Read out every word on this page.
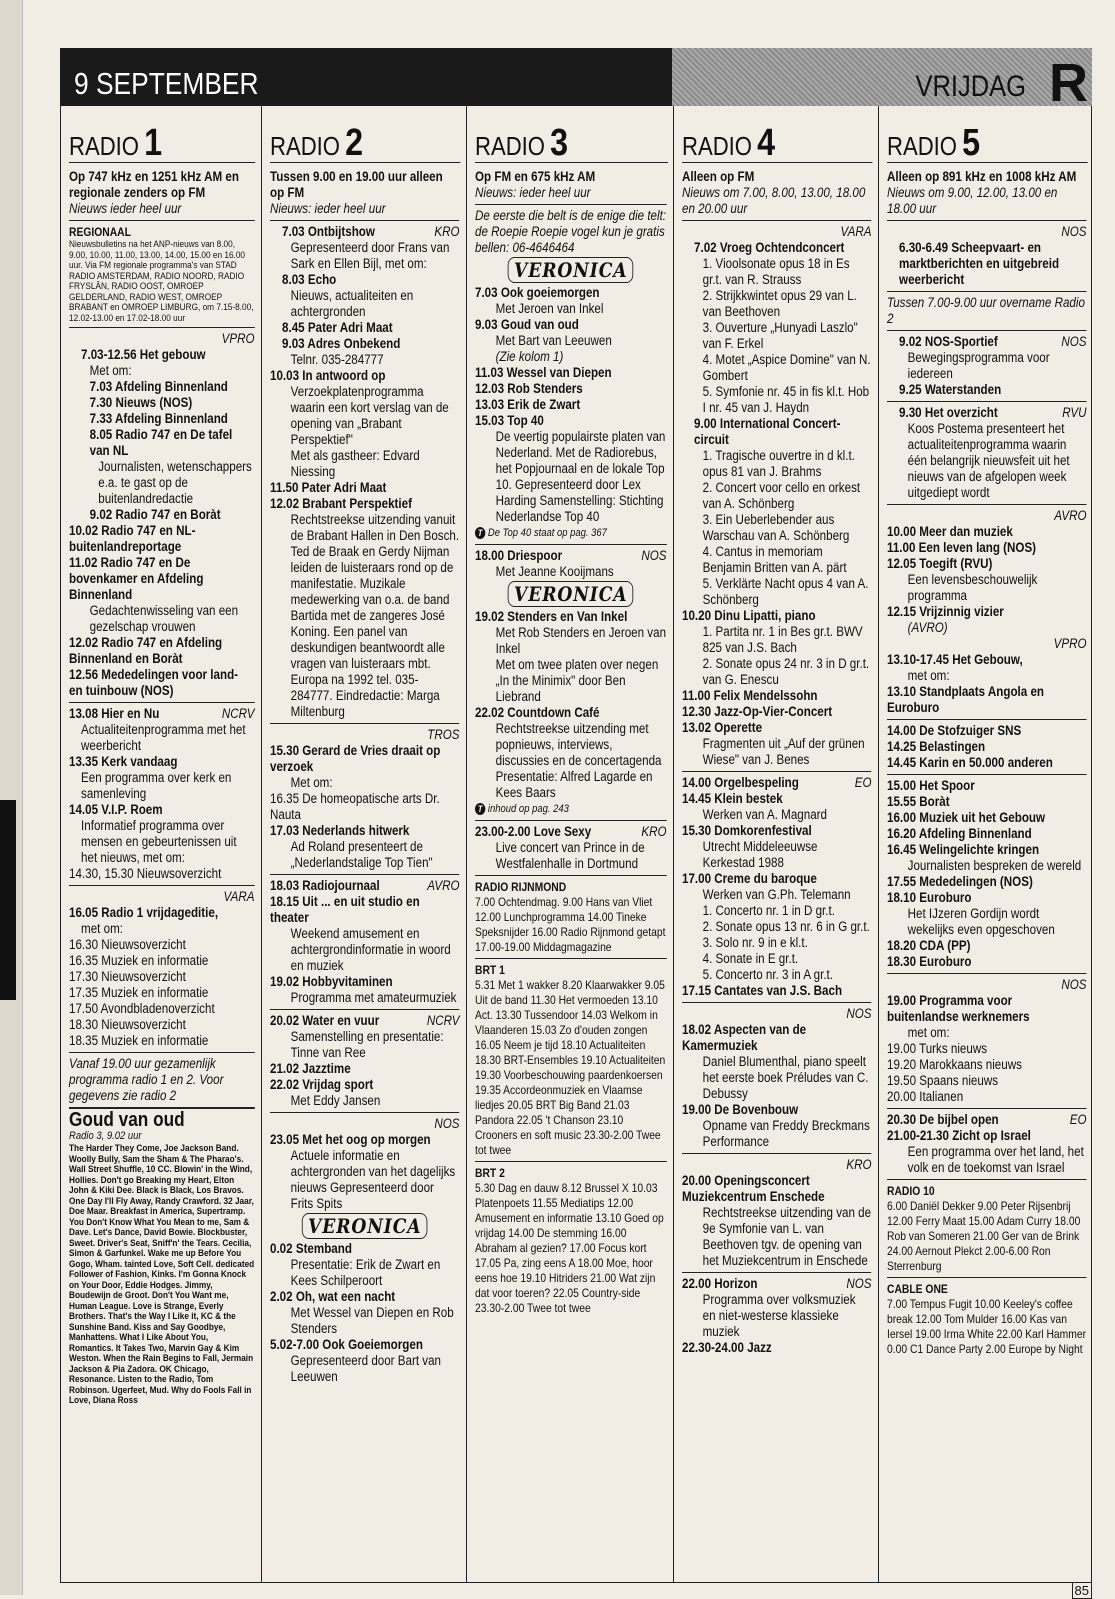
9 SEPTEMBER	VRIJDAG R
RADIO 1
Op 747 kHz en 1251 kHz AM en regionale zenders op FM
Nieuws ieder heel uur
REGIONAAL
Nieuwsbulletins na het ANP-nieuws van 8.00, 9.00, 10.00, 11.00, 13.00, 14.00, 15.00 en 16.00 uur. Via FM regionale programma's van STAD RADIO AMSTERDAM, RADIO NOORD, RADIO FRYSLÂN, RADIO OOST, OMROEP GELDERLAND, RADIO WEST, OMROEP BRABANT en OMROEP LIMBURG, om 7.15-8.00, 12.02-13.00 en 17.02-18.00 uur
VPRO
7.03-12.56 Het gebouw
Met om:
7.03 Afdeling Binnenland
7.30 Nieuws (NOS)
7.33 Afdeling Binnenland
8.05 Radio 747 en De tafel van NL
Journalisten, wetenschappers e.a. te gast op de buitenlandredactie
9.02 Radio 747 en Boràt
10.02 Radio 747 en NL-buitenlandreportage
11.02 Radio 747 en De bovenkamer en Afdeling Binnenland
Gedachtenwisseling van een gezelschap vrouwen
12.02 Radio 747 en Afdeling Binnenland en Boràt
12.56 Mededelingen voor land- en tuinbouw (NOS)
13.08 Hier en Nu	NCRV
Actualiteitenprogramma met het weerbericht
13.35 Kerk vandaag
Een programma over kerk en samenleving
14.05 V.I.P. Roem
Informatief programma over mensen en gebeurtenissen uit het nieuws, met om:
14.30, 15.30 Nieuwsoverzicht
VARA
16.05 Radio 1 vrijdageditie,
met om:
16.30 Nieuwsoverzicht
16.35 Muziek en informatie
17.30 Nieuwsoverzicht
17.35 Muziek en informatie
17.50 Avondbladenoverzicht
18.30 Nieuwsoverzicht
18.35 Muziek en informatie
Vanaf 19.00 uur gezamenlijk programma radio 1 en 2. Voor gegevens zie radio 2
Goud van oud
Radio 3, 9.02 uur
The Harder They Come, Joe Jackson Band. Woolly Bully, Sam the Sham & The Pharao's. Wall Street Shuffle, 10 CC. Blowin' in the Wind, Hollies. Don't go Breaking my Heart, Elton John & Kiki Dee. Black is Black, Los Bravos. One Day I'll Fly Away, Randy Crawford. 32 Jaar, Doe Maar. Breakfast in America, Supertramp. You Don't Know What You Mean to me, Sam & Dave. Let's Dance, David Bowie. Blockbuster, Sweet. Driver's Seat, Sniff'n' the Tears. Cecilia, Simon & Garfunkel. Wake me up Before You Gogo, Wham. tainted Love, Soft Cell. dedicated Follower of Fashion, Kinks. I'm Gonna Knock on Your Door, Eddie Hodges. Jimmy, Boudewijn de Groot. Don't You Want me, Human League. Love is Strange, Everly Brothers. That's the Way I Like it, KC & the Sunshine Band. Kiss and Say Goodbye, Manhattens. What I Like About You, Romantics. It Takes Two, Marvin Gay & Kim Weston. When the Rain Begins to Fall, Jermain Jackson & Pia Zadora. OK Chicago, Resonance. Listen to the Radio, Tom Robinson. Ugerfeet, Mud. Why do Fools Fall in Love, Diana Ross
RADIO 2
Tussen 9.00 en 19.00 uur alleen op FM
Nieuws: ieder heel uur
7.03 Ontbijtshow	KRO
Gepresenteerd door Frans van Sark en Ellen Bijl, met om:
8.03 Echo
Nieuws, actualiteiten en achtergronden
8.45 Pater Adri Maat
9.03 Adres Onbekend
Telnr. 035-284777
10.03 In antwoord op
Verzoekplatenprogramma waarin een kort verslag van de opening van „Brabant Perspektief"
Met als gastheer: Edvard Niessing
11.50 Pater Adri Maat
12.02 Brabant Perspektief
Rechtstreekse uitzending vanuit de Brabant Hallen in Den Bosch. Ted de Braak en Gerdy Nijman leiden de luisteraars rond op de manifestatie. Muzikale medewerking van o.a. de band Bartida met de zangeres José Koning. Een panel van deskundigen beantwoordt alle vragen van luisteraars mbt. Europa na 1992 tel. 035-284777. Eindredactie: Marga Miltenburg
TROS
15.30 Gerard de Vries draait op verzoek
Met om:
16.35 De homeopatische arts Dr. Nauta
17.03 Nederlands hitwerk
Ad Roland presenteert de „Nederlandstalige Top Tien"
18.03 Radiojournaal	AVRO
18.15 Uit ... en uit studio en theater
Weekend amusement en achtergrondinformatie in woord en muziek
19.02 Hobbyvitaminen
Programma met amateurmuziek
20.02 Water en vuur	NCRV
Samenstelling en presentatie: Tinne van Ree
21.02 Jazztime
22.02 Vrijdag sport
Met Eddy Jansen
NOS
23.05 Met het oog op morgen
Actuele informatie en achtergronden van het dagelijks nieuws Gepresenteerd door Frits Spits
VERONICA
0.02 Stemband
Presentatie: Erik de Zwart en Kees Schilperoort
2.02 Oh, wat een nacht
Met Wessel van Diepen en Rob Stenders
5.02-7.00 Ook Goeiemorgen
Gepresenteerd door Bart van Leeuwen
RADIO 3
Op FM en 675 kHz AM
Nieuws: ieder heel uur
De eerste die belt is de enige die telt: de Roepie Roepie vogel kun je gratis bellen: 06-4646464
VERONICA
7.03 Ook goeiemorgen
Met Jeroen van Inkel
9.03 Goud van oud
Met Bart van Leeuwen
(Zie kolom 1)
11.03 Wessel van Diepen
12.03 Rob Stenders
13.03 Erik de Zwart
15.03 Top 40
De veertig populairste platen van Nederland. Met de Radiorebus, het Popjournaal en de lokale Top 10. Gepresenteerd door Lex Harding Samenstelling: Stichting Nederlandse Top 40
T De Top 40 staat op pag. 367
18.00 Driespoor	NOS
Met Jeanne Kooijmans
VERONICA
19.02 Stenders en Van Inkel
Met Rob Stenders en Jeroen van Inkel
Met om twee platen over negen „In the Minimix" door Ben Liebrand
22.02 Countdown Café
Rechtstreekse uitzending met popnieuws, interviews, discussies en de concertagenda Presentatie: Alfred Lagarde en Kees Baars
T inhoud op pag. 243
23.00-2.00 Love Sexy	KRO
Live concert van Prince in de Westfalenhalle in Dortmund
RADIO RIJNMOND
7.00 Ochtendmag. 9.00 Hans van Vliet 12.00 Lunchprogramma 14.00 Tineke Speksnijder 16.00 Radio Rijnmond getapt 17.00-19.00 Middagmagazine
BRT 1
5.31 Met 1 wakker 8.20 Klaarwakker 9.05 Uit de band 11.30 Het vermoeden 13.10 Act. 13.30 Tussendoor 14.03 Welkom in Vlaanderen 15.03 Zo d'ouden zongen 16.05 Neem je tijd 18.10 Actualiteiten 18.30 BRT-Ensembles 19.10 Actualiteiten 19.30 Voorbeschouwing paardenkoersen 19.35 Accordeonmuziek en Vlaamse liedjes 20.05 BRT Big Band 21.03 Pandora 22.05 't Chanson 23.10 Crooners en soft music 23.30-2.00 Twee tot twee
BRT 2
5.30 Dag en dauw 8.12 Brussel X 10.03 Platenpoets 11.55 Mediatips 12.00 Amusement en informatie 13.10 Goed op vrijdag 14.00 De stemming 16.00 Abraham al gezien? 17.00 Focus kort 17.05 Pa, zing eens A 18.00 Moe, hoor eens hoe 19.10 Hitriders 21.00 Wat zijn dat voor toeren? 22.05 Country-side 23.30-2.00 Twee tot twee
RADIO 4
Alleen op FM
Nieuws om 7.00, 8.00, 13.00, 18.00 en 20.00 uur
VARA
7.02 Vroeg Ochtendconcert
1. Vioolsonate opus 18 in Es gr.t. van R. Strauss
2. Strijkkwintet opus 29 van L. van Beethoven
3. Ouverture „Hunyadi Laszlo" van F. Erkel
4. Motet „Aspice Domine" van N. Gombert
5. Symfonie nr. 45 in fis kl.t. Hob I nr. 45 van J. Haydn
9.00 International Concert-circuit
1. Tragische ouvertre in d kl.t. opus 81 van J. Brahms
2. Concert voor cello en orkest van A. Schönberg
3. Ein Ueberlebender aus Warschau van A. Schönberg
4. Cantus in memoriam Benjamin Britten van A. pärt
5. Verklärte Nacht opus 4 van A. Schönberg
10.20 Dinu Lipatti, piano
1. Partita nr. 1 in Bes gr.t. BWV 825 van J.S. Bach
2. Sonate opus 24 nr. 3 in D gr.t. van G. Enescu
11.00 Felix Mendelssohn
12.30 Jazz-Op-Vier-Concert
13.02 Operette
Fragmenten uit „Auf der grünen Wiese" van J. Benes
14.00 Orgelbespeling	EO
14.45 Klein bestek
Werken van A. Magnard
15.30 Domkorenfestival
Utrecht Middeleeuwse Kerkestad 1988
17.00 Creme du baroque
Werken van G.Ph. Telemann
1. Concerto nr. 1 in D gr.t.
2. Sonate opus 13 nr. 6 in G gr.t.
3. Solo nr. 9 in e kl.t.
4. Sonate in E gr.t.
5. Concerto nr. 3 in A gr.t.
17.15 Cantates van J.S. Bach
NOS
18.02 Aspecten van de Kamermuziek
Daniel Blumenthal, piano speelt het eerste boek Préludes van C. Debussy
19.00 De Bovenbouw
Opname van Freddy Breckmans Performance
KRO
20.00 Openingsconcert Muziekcentrum Enschede
Rechtstreekse uitzending van de 9e Symfonie van L. van Beethoven tgv. de opening van het Muziekcentrum in Enschede
22.00 Horizon	NOS
Programma over volksmuziek en niet-westerse klassieke muziek
22.30-24.00 Jazz
RADIO 5
Alleen op 891 kHz en 1008 kHz AM
Nieuws om 9.00, 12.00, 13.00 en 18.00 uur
NOS
6.30-6.49 Scheepvaart- en marktberichten en uitgebreid weerbericht
Tussen 7.00-9.00 uur overname Radio 2
9.02 NOS-Sportief	NOS
Bewegingsprogramma voor iedereen
9.25 Waterstanden
9.30 Het overzicht	RVU
Koos Postema presenteert het actualiteitenprogramma waarin één belangrijk nieuwsfeit uit het nieuws van de afgelopen week uitgediept wordt
AVRO
10.00 Meer dan muziek
11.00 Een leven lang (NOS)
12.05 Toegift (RVU)
Een levensbeschouwelijk programma
12.15 Vrijzinnig vizier
(AVRO)
VPRO
13.10-17.45 Het Gebouw,
met om:
13.10 Standplaats Angola en Euroburo
14.00 De Stofzuiger SNS
14.25 Belastingen
14.45 Karin en 50.000 anderen
15.00 Het Spoor
15.55 Boràt
16.00 Muziek uit het Gebouw
16.20 Afdeling Binnenland
16.45 Welingelichte kringen
Journalisten bespreken de wereld
17.55 Mededelingen (NOS)
18.10 Euroburo
Het IJzeren Gordijn wordt wekelijks even opgeschoven
18.20 CDA (PP)
18.30 Euroburo
NOS
19.00 Programma voor buitenlandse werknemers
met om:
19.00 Turks nieuws
19.20 Marokkaans nieuws
19.50 Spaans nieuws
20.00 Italianen
20.30 De bijbel open	EO
21.00-21.30 Zicht op Israel
Een programma over het land, het volk en de toekomst van Israel
RADIO 10
6.00 Daniël Dekker 9.00 Peter Rijsenbrij 12.00 Ferry Maat 15.00 Adam Curry 18.00 Rob van Someren 21.00 Ger van de Brink 24.00 Aernout Plekct 2.00-6.00 Ron Sterrenburg
CABLE ONE
7.00 Tempus Fugit 10.00 Keeley's coffee break 12.00 Tom Mulder 16.00 Kas van Iersel 19.00 Irma White 22.00 Karl Hammer 0.00 C1 Dance Party 2.00 Europe by Night
85
